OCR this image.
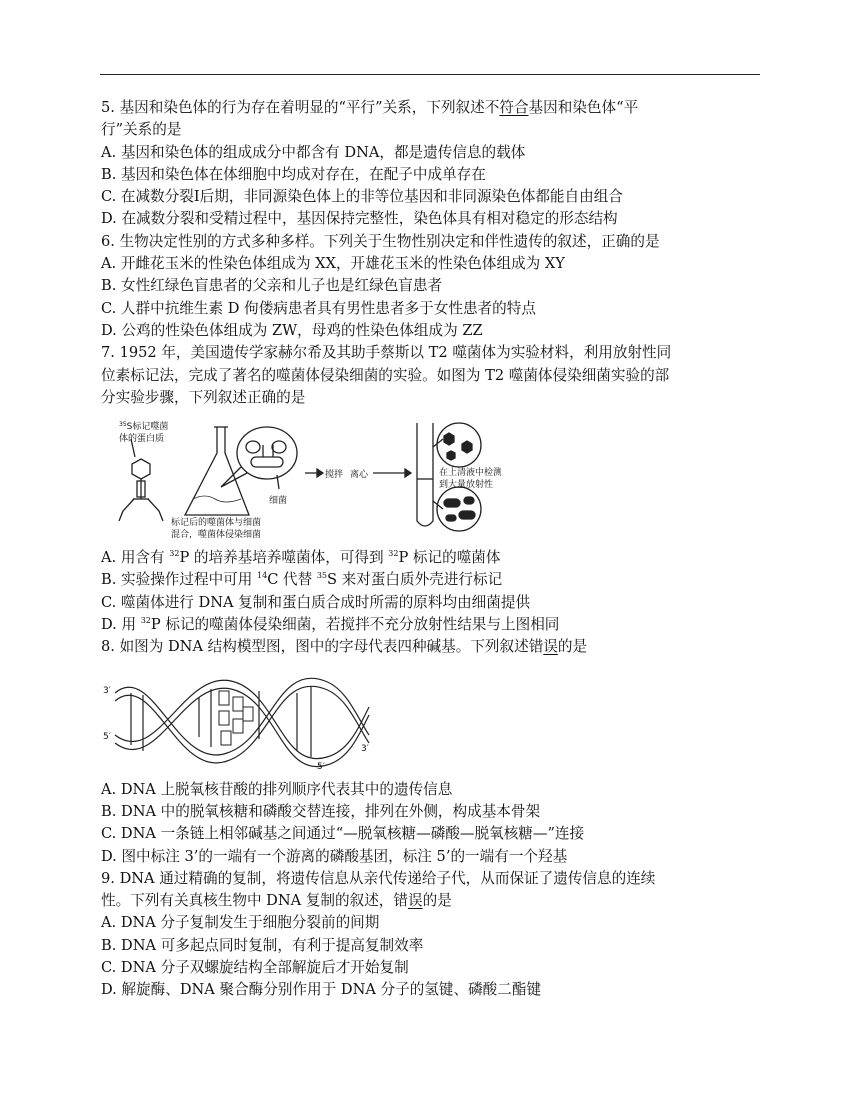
5. 基因和染色体的行为存在着明显的“平行”关系，下列叙述不符合基因和染色体“平
行”关系的是
A. 基因和染色体的组成成分中都含有 DNA，都是遗传信息的载体
B. 基因和染色体在体细胞中均成对存在，在配子中成单存在
C. 在减数分裂Ⅰ后期，非同源染色体上的非等位基因和非同源染色体都能自由组合
D. 在减数分裂和受精过程中，基因保持完整性，染色体具有相对稳定的形态结构
6. 生物决定性别的方式多种多样。下列关于生物性别决定和伴性遗传的叙述，正确的是
A. 开雌花玉米的性染色体组成为 XX，开雄花玉米的性染色体组成为 XY
B. 女性红绿色盲患者的父亲和儿子也是红绿色盲患者
C. 人群中抗维生素 D 佝偻病患者具有男性患者多于女性患者的特点
D. 公鸡的性染色体组成为 ZW，母鸡的性染色体组成为 ZZ
7. 1952 年，美国遗传学家赫尔希及其助手蔡斯以 T2 噬菌体为实验材料，利用放射性同
位素标记法，完成了著名的噬菌体侵染细菌的实验。如图为 T2 噬菌体侵染细菌实验的部
分实验步骤，下列叙述正确的是
$^{35}$S标记噬菌
体的蛋白质
细菌
标记后的噬菌体与细菌
混合，噬菌体侵染细菌
搅拌 离心	在上清液中检测
到大量放射性
A. 用含有 $^{32}$P 的培养基培养噬菌体，可得到 $^{32}$P 标记的噬菌体
B. 实验操作过程中可用 $^{14}$C 代替 $^{35}$S 来对蛋白质外壳进行标记
C. 噬菌体进行 DNA 复制和蛋白质合成时所需的原料均由细菌提供
D. 用 $^{32}$P 标记的噬菌体侵染细菌，若搅拌不充分放射性结果与上图相同
8. 如图为 DNA 结构模型图，图中的字母代表四种碱基。下列叙述错误的是
3′
5′
3′
5′
A. DNA 上脱氧核苷酸的排列顺序代表其中的遗传信息
B. DNA 中的脱氧核糖和磷酸交替连接，排列在外侧，构成基本骨架
C. DNA 一条链上相邻碱基之间通过“—脱氧核糖—磷酸—脱氧核糖—”连接
D. 图中标注 3’的一端有一个游离的磷酸基团，标注 5’的一端有一个羟基
9. DNA 通过精确的复制，将遗传信息从亲代传递给子代，从而保证了遗传信息的连续
性。下列有关真核生物中 DNA 复制的叙述，错误的是
A. DNA 分子复制发生于细胞分裂前的间期
B. DNA 可多起点同时复制，有利于提高复制效率
C. DNA 分子双螺旋结构全部解旋后才开始复制
D. 解旋酶、DNA 聚合酶分别作用于 DNA 分子的氢键、磷酸二酯键
